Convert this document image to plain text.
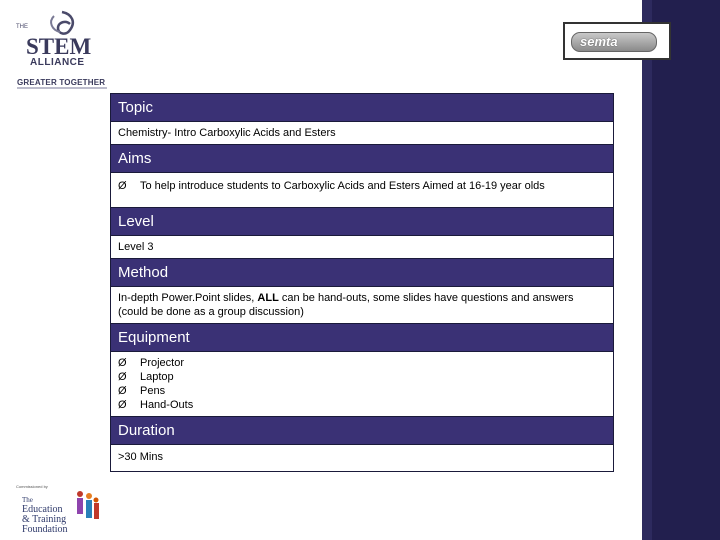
THE
STEM
ALLIANCE
GREATER TOGETHER
semta
Topic
Chemistry- Intro Carboxylic Acids and Esters
Aims
Ø	To help introduce students to Carboxylic Acids and Esters Aimed at 16-19 year olds
Level
Level 3
Method
In-depth Power.Point slides, ALL can be hand-outs, some slides have questions and answers (could be done as a group discussion)
Equipment
Ø	Projector
Ø	Laptop
Ø	Pens
Ø	Hand-Outs
Duration
>30 Mins
Commissioned by
The
Education
& Training
Foundation
